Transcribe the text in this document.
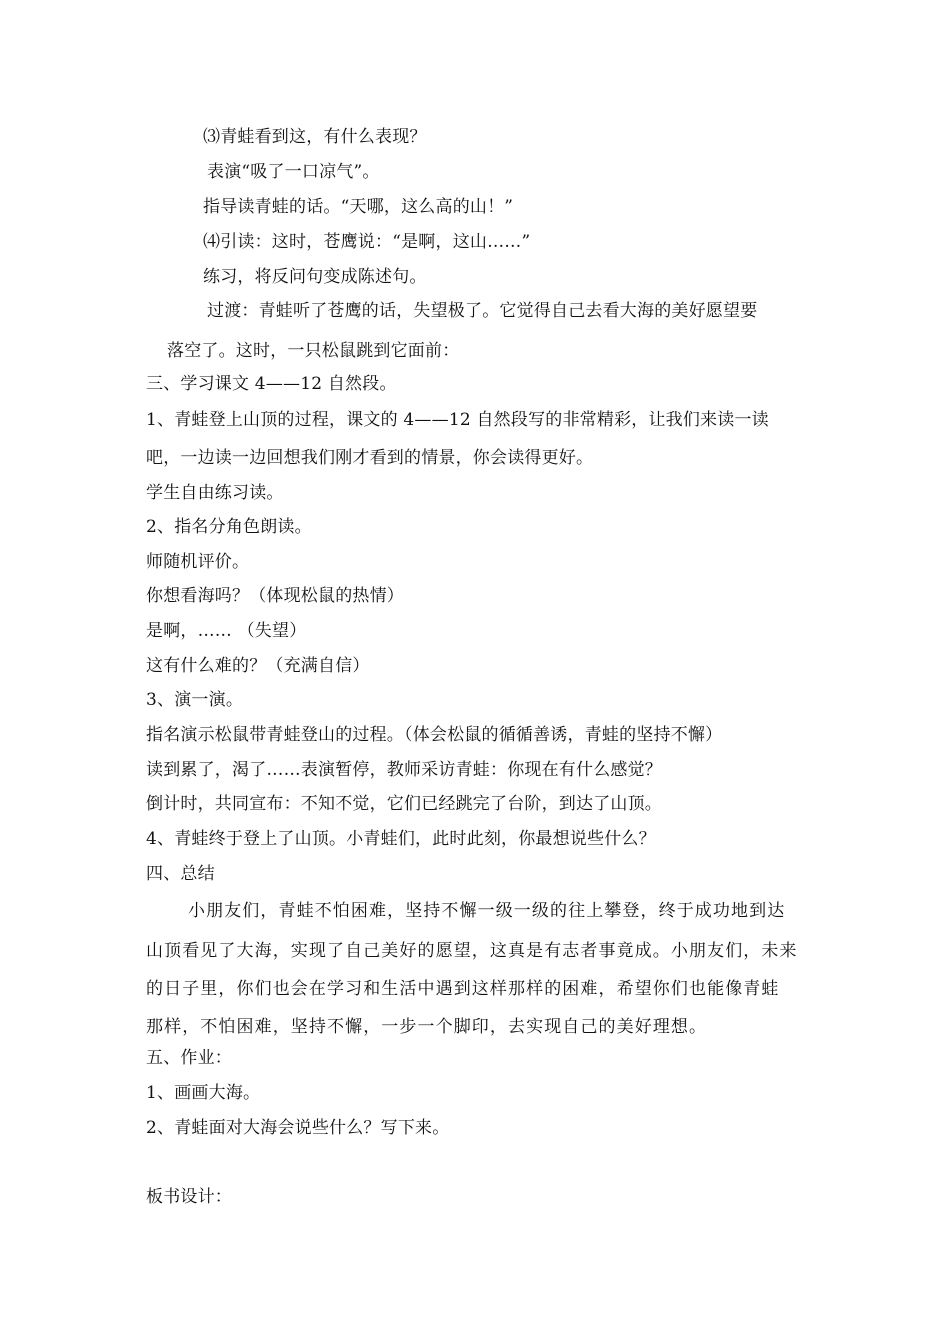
⑶青蛙看到这，有什么表现？
表演“吸了一口凉气”。
指导读青蛙的话。“天哪，这么高的山！”
⑷引读：这时，苍鹰说：“是啊，这山……”
练习，将反问句变成陈述句。
过渡：青蛙听了苍鹰的话，失望极了。它觉得自己去看大海的美好愿望要
落空了。这时，一只松鼠跳到它面前：
三、学习课文 4——12 自然段。
1、青蛙登上山顶的过程，课文的 4——12 自然段写的非常精彩，让我们来读一读
吧，一边读一边回想我们刚才看到的情景，你会读得更好。
学生自由练习读。
2、指名分角色朗读。
师随机评价。
你想看海吗？（体现松鼠的热情）
是啊，…… （失望）
这有什么难的？（充满自信）
3、演一演。
指名演示松鼠带青蛙登山的过程。（体会松鼠的循循善诱，青蛙的坚持不懈）
读到累了，渴了……表演暂停，教师采访青蛙：你现在有什么感觉？
倒计时，共同宣布：不知不觉，它们已经跳完了台阶，到达了山顶。
4、青蛙终于登上了山顶。小青蛙们，此时此刻，你最想说些什么？
四、总结
小朋友们，青蛙不怕困难，坚持不懈一级一级的往上攀登，终于成功地到达
山顶看见了大海，实现了自己美好的愿望，这真是有志者事竟成。小朋友们，未来
的日子里，你们也会在学习和生活中遇到这样那样的困难，希望你们也能像青蛙
那样，不怕困难，坚持不懈，一步一个脚印，去实现自己的美好理想。
五、作业：
1、画画大海。
2、青蛙面对大海会说些什么？写下来。
板书设计：
